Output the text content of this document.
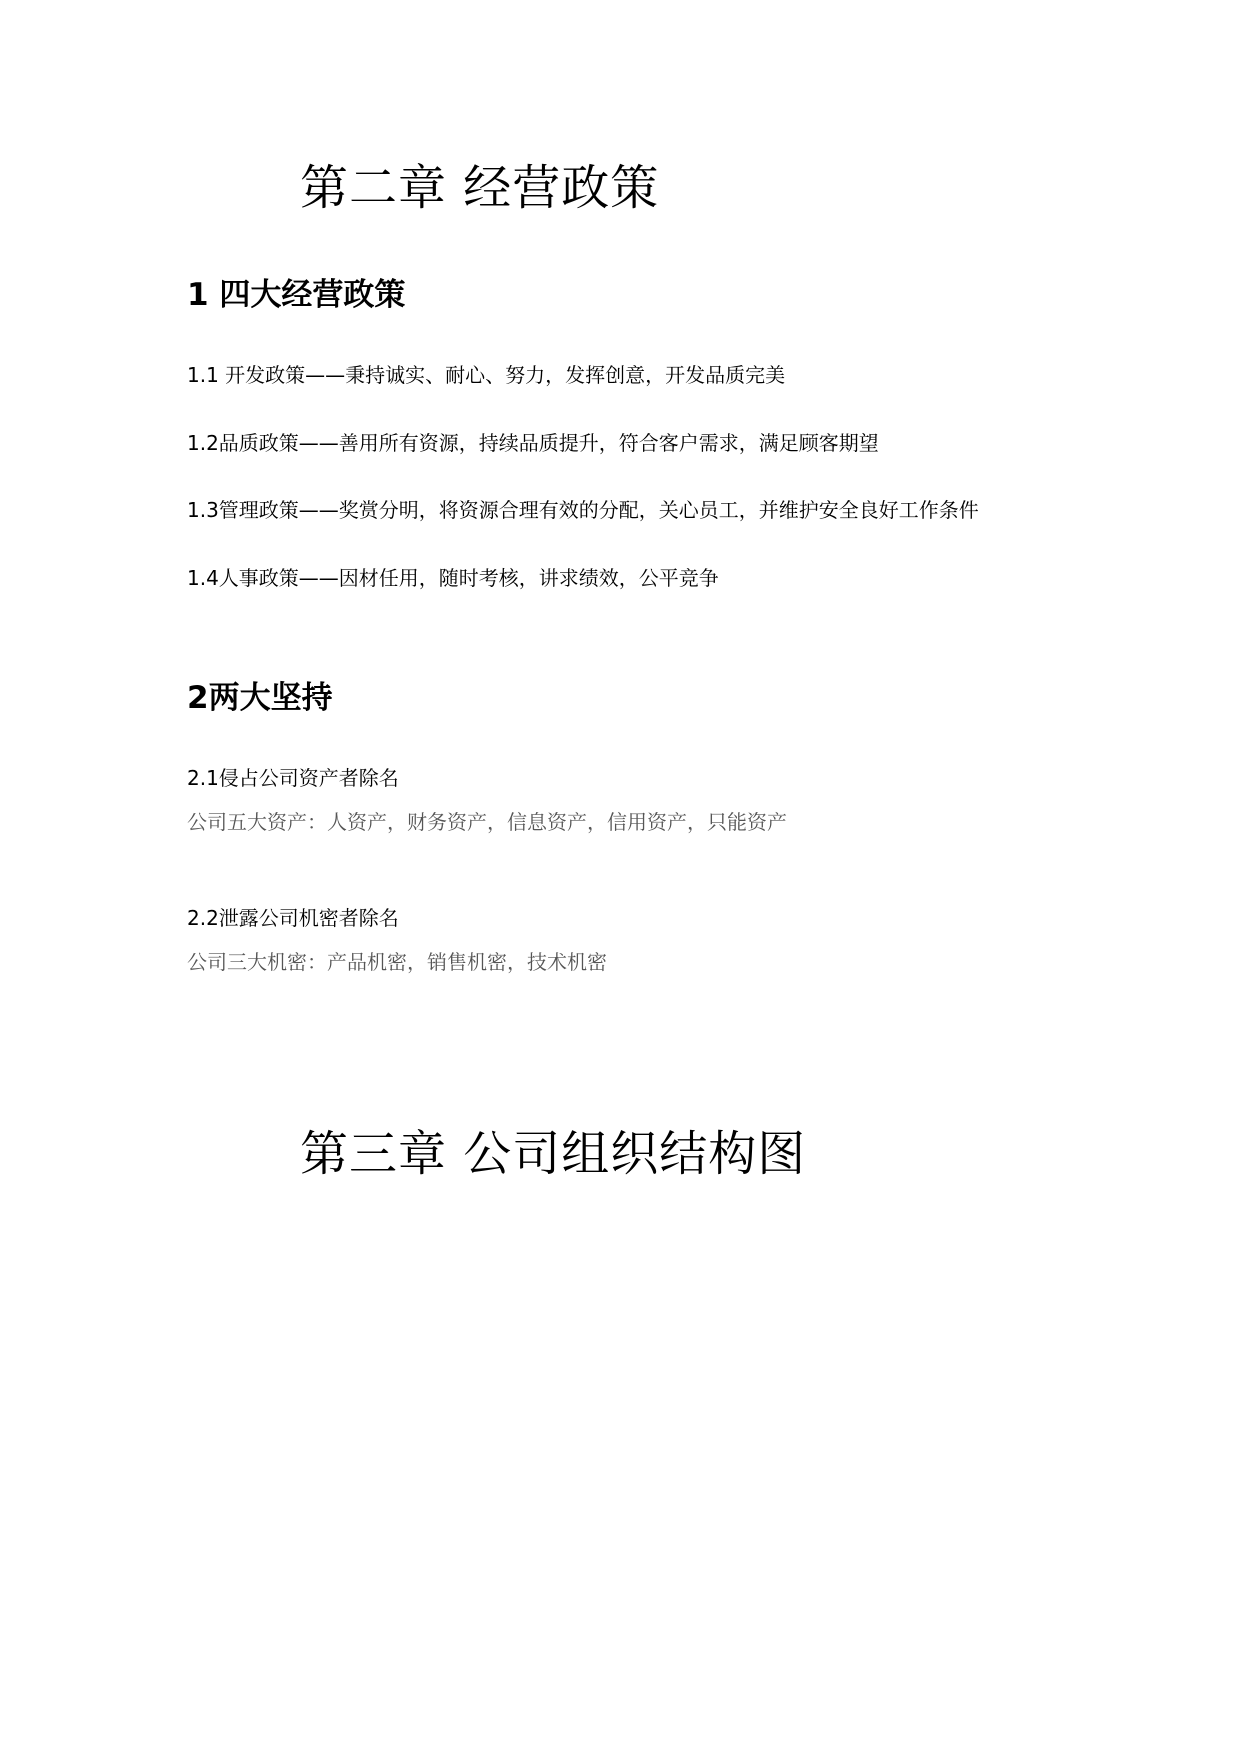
第二章 经营政策
1 四大经营政策

1.1 开发政策——秉持诚实、耐心、努力，发挥创意，开发品质完美

1.2品质政策——善用所有资源，持续品质提升，符合客户需求，满足顾客期望

1.3管理政策——奖赏分明，将资源合理有效的分配，关心员工，并维护安全良好工作条件

1.4人事政策——因材任用，随时考核，讲求绩效，公平竞争

2两大坚持

2.1侵占公司资产者除名

公司五大资产：人资产，财务资产，信息资产，信用资产，只能资产

2.2泄露公司机密者除名

公司三大机密：产品机密，销售机密，技术机密

第三章 公司组织结构图
